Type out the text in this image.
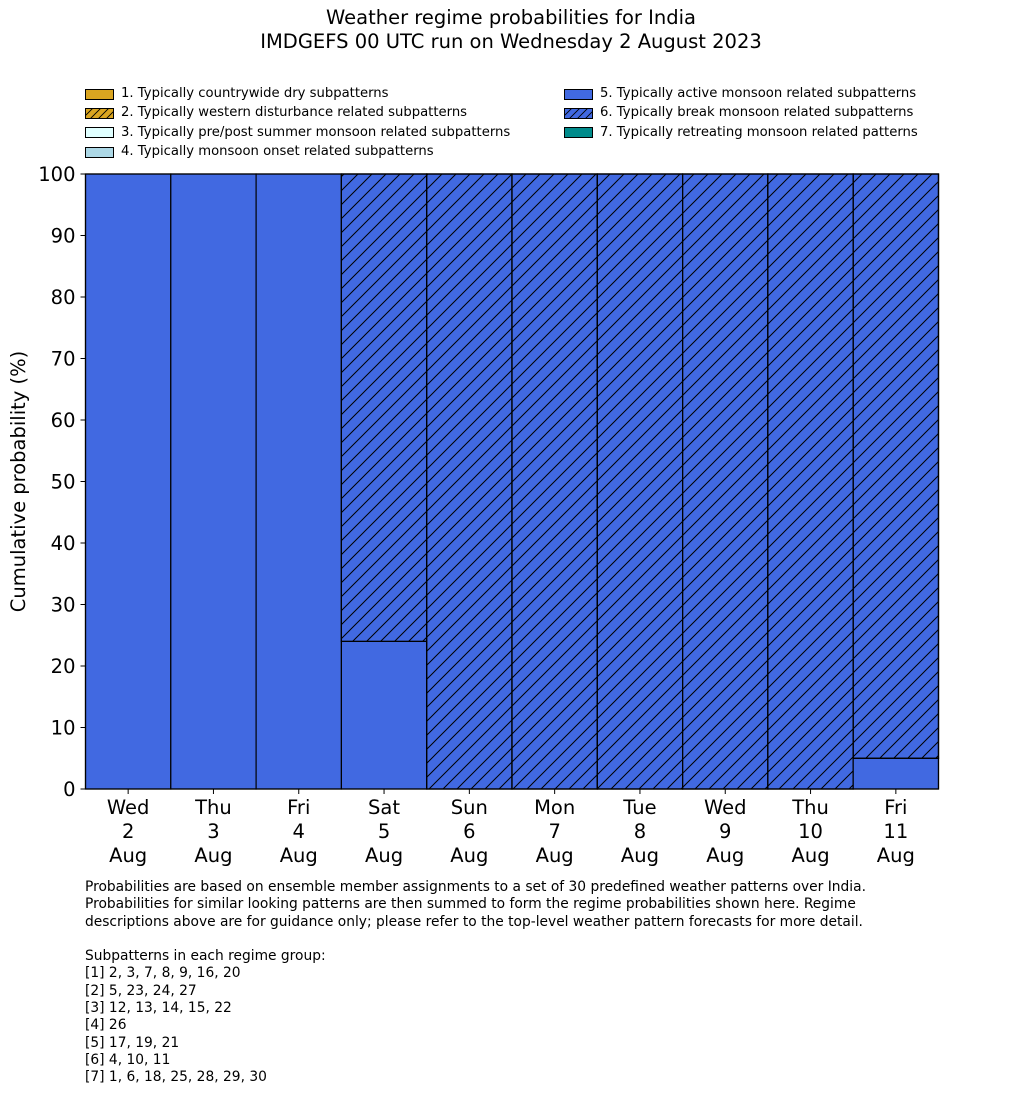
Weather regime probabilities for India
IMDGEFS 00 UTC run on Wednesday 2 August 2023
1. Typically countrywide dry subpatterns
2. Typically western disturbance related subpatterns
3. Typically pre/post summer monsoon related subpatterns
4. Typically monsoon onset related subpatterns
5. Typically active monsoon related subpatterns
6. Typically break monsoon related subpatterns
7. Typically retreating monsoon related patterns
Wed 2 Aug
Thu 3 Aug
Fri 4 Aug
Sat 5 Aug
Sun 6 Aug
Mon 7 Aug
Tue 8 Aug
Wed 9 Aug
Thu 10 Aug
Fri 11 Aug
0
10
20
30
40
50
60
70
80
90
100
Cumulative probability (%)
Probabilities are based on ensemble member assignments to a set of 30 predefined weather patterns over India.
Probabilities for similar looking patterns are then summed to form the regime probabilities shown here. Regime
descriptions above are for guidance only; please refer to the top-level weather pattern forecasts for more detail.
Subpatterns in each regime group:
[1] 2, 3, 7, 8, 9, 16, 20
[2] 5, 23, 24, 27
[3] 12, 13, 14, 15, 22
[4] 26
[5] 17, 19, 21
[6] 4, 10, 11
[7] 1, 6, 18, 25, 28, 29, 30
